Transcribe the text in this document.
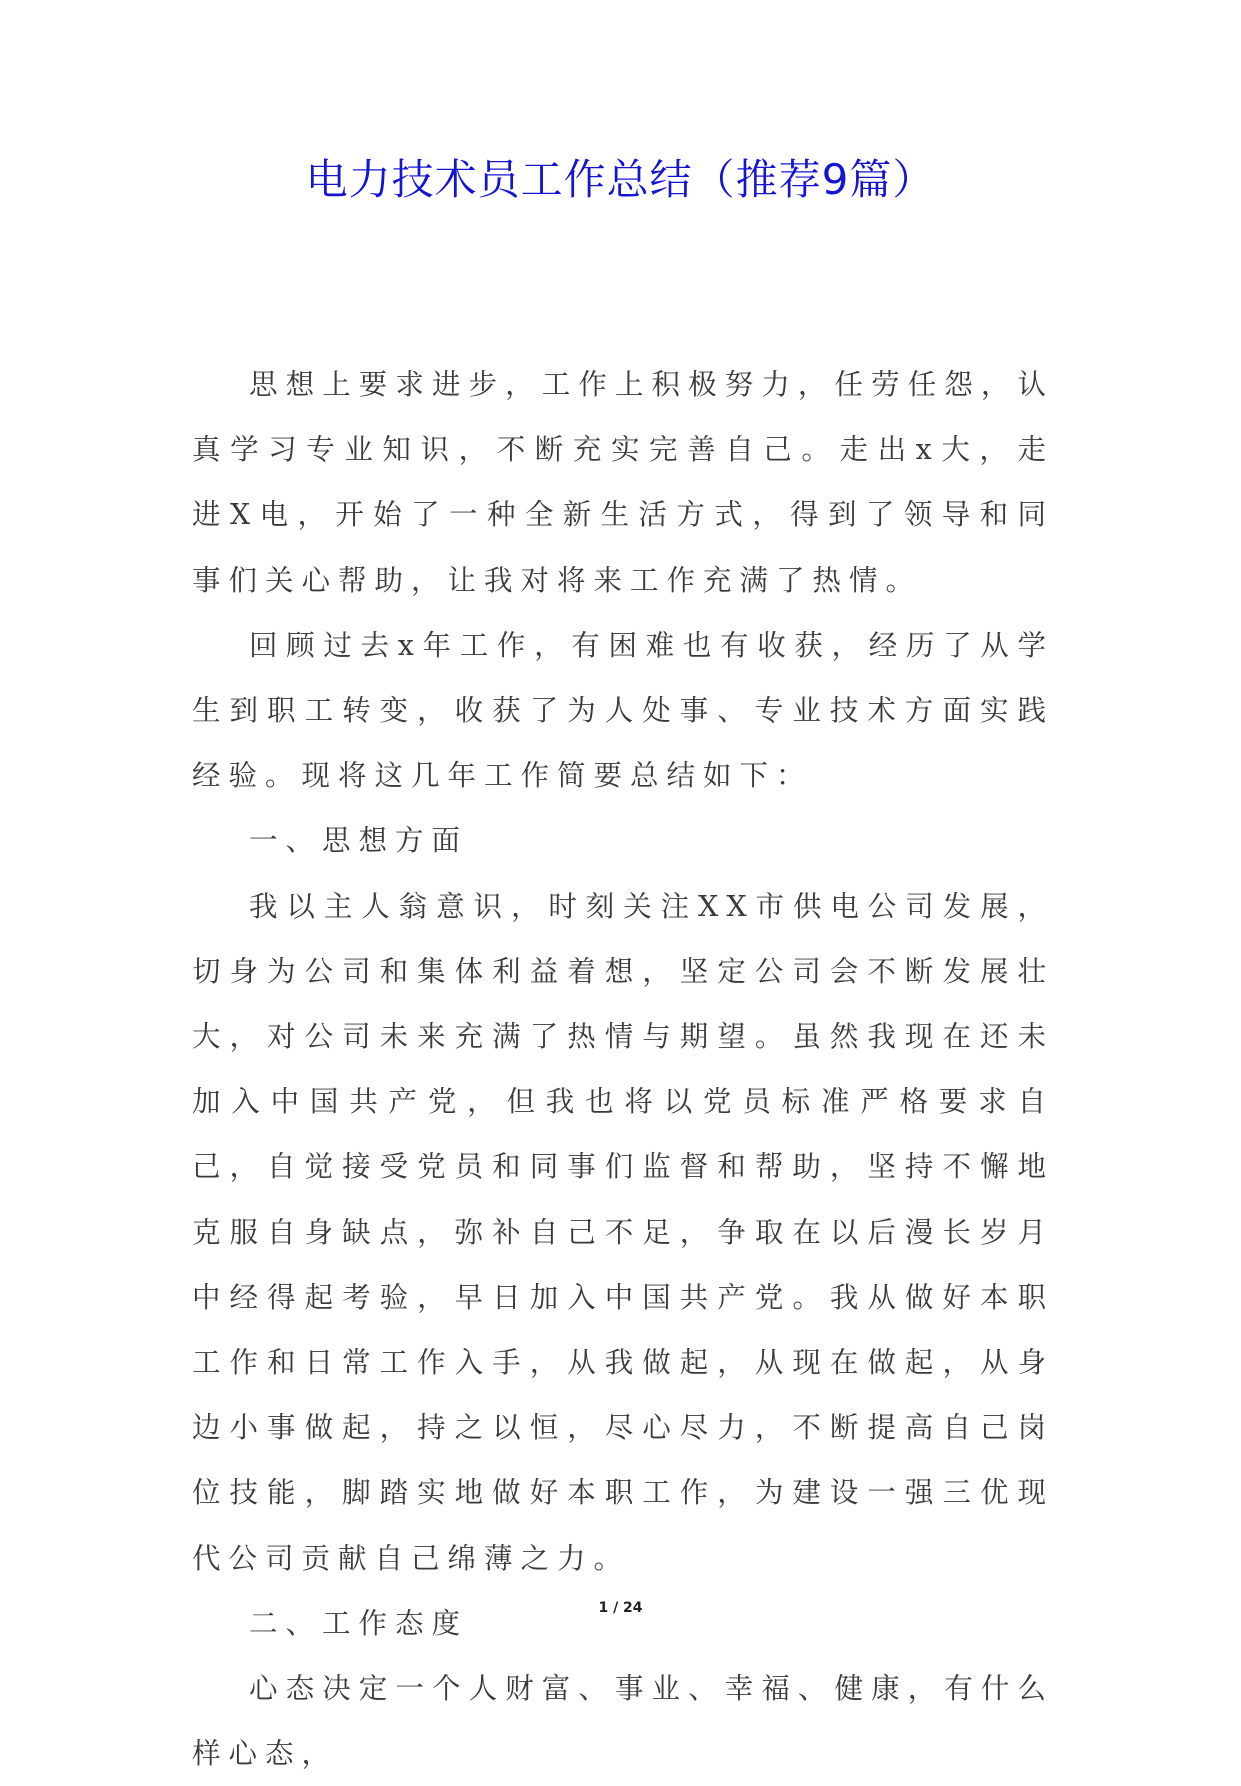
电力技术员工作总结（推荐9篇）

思想上要求进步，工作上积极努力，任劳任怨，认真学习专业知识，不断充实完善自己。走出x大，走进X电，开始了一种全新生活方式，得到了领导和同事们关心帮助，让我对将来工作充满了热情。

回顾过去x年工作，有困难也有收获，经历了从学生到职工转变，收获了为人处事、专业技术方面实践经验。现将这几年工作简要总结如下：

一、思想方面

我以主人翁意识，时刻关注XX市供电公司发展，切身为公司和集体利益着想，坚定公司会不断发展壮大，对公司未来充满了热情与期望。虽然我现在还未加入中国共产党，但我也将以党员标准严格要求自己，自觉接受党员和同事们监督和帮助，坚持不懈地克服自身缺点，弥补自己不足，争取在以后漫长岁月中经得起考验，早日加入中国共产党。我从做好本职工作和日常工作入手，从我做起，从现在做起，从身边小事做起，持之以恒，尽心尽力，不断提高自己岗位技能，脚踏实地做好本职工作，为建设一强三优现代公司贡献自己绵薄之力。

二、工作态度

心态决定一个人财富、事业、幸福、健康，有什么样心态，

1 / 24
